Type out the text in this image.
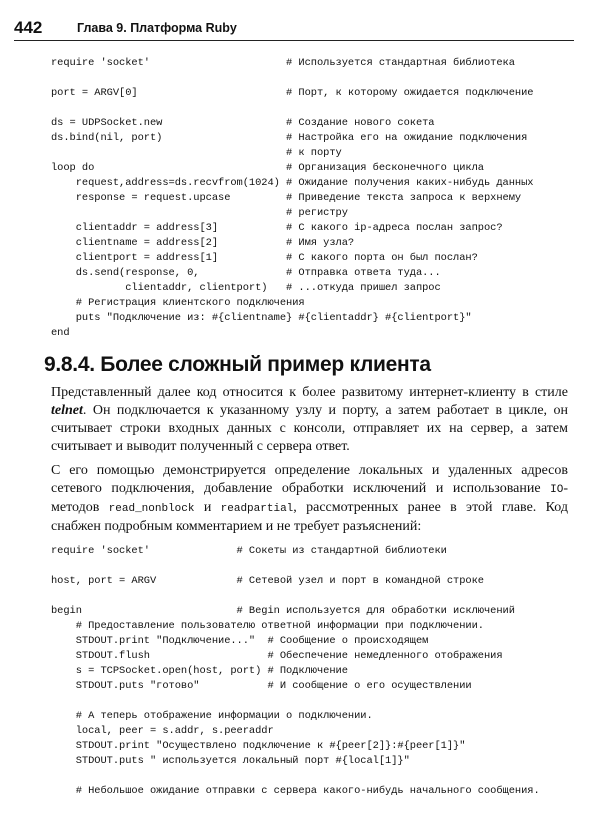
442	Глава 9. Платформа Ruby
require 'socket'                      # Используется стандартная библиотека
port = ARGV[0]                        # Порт, к которому ожидается подключение
ds = UDPSocket.new                    # Создание нового сокета
ds.bind(nil, port)                    # Настройка его на ожидание подключения
# к порту
loop do                               # Организация бесконечного цикла
request,address=ds.recvfrom(1024) # Ожидание получения каких-нибудь данных
response = request.upcase         # Приведение текста запроса к верхнему
# регистру
clientaddr = address[3]           # С какого ip-адреса послан запрос?
clientname = address[2]           # Имя узла?
clientport = address[1]           # С какого порта он был послан?
ds.send(response, 0,              # Отправка ответа туда...
clientaddr, clientport)   # ...откуда пришел запрос
# Регистрация клиентского подключения
puts "Подключение из: #{clientname} #{clientaddr} #{clientport}"
end
9.8.4. Более сложный пример клиента

Представленный далее код относится к более развитому интернет-клиенту в стиле telnet. Он подключается к указанному узлу и порту, а затем работает в цикле, он считывает строки входных данных с консоли, отправляет их на сервер, а затем считывает и выводит полученный с сервера ответ.

С его помощью демонстрируется определение локальных и удаленных адресов сетевого подключения, добавление обработки исключений и использование IO-методов read_nonblock и readpartial, рассмотренных ранее в этой главе. Код снабжен подробным комментарием и не требует разъяснений:

require 'socket'              # Сокеты из стандартной библиотеки
host, port = ARGV             # Сетевой узел и порт в командной строке
begin                         # Begin используется для обработки исключений
# Предоставление пользователю ответной информации при подключении.
STDOUT.print "Подключение..."  # Сообщение о происходящем
STDOUT.flush                   # Обеспечение немедленного отображения
s = TCPSocket.open(host, port) # Подключение
STDOUT.puts "готово"           # И сообщение о его осуществлении
# А теперь отображение информации о подключении.
local, peer = s.addr, s.peeraddr
STDOUT.print "Осуществлено подключение к #{peer[2]}:#{peer[1]}"
STDOUT.puts " используется локальный порт #{local[1]}"
# Небольшое ожидание отправки с сервера какого-нибудь начального сообщения.
